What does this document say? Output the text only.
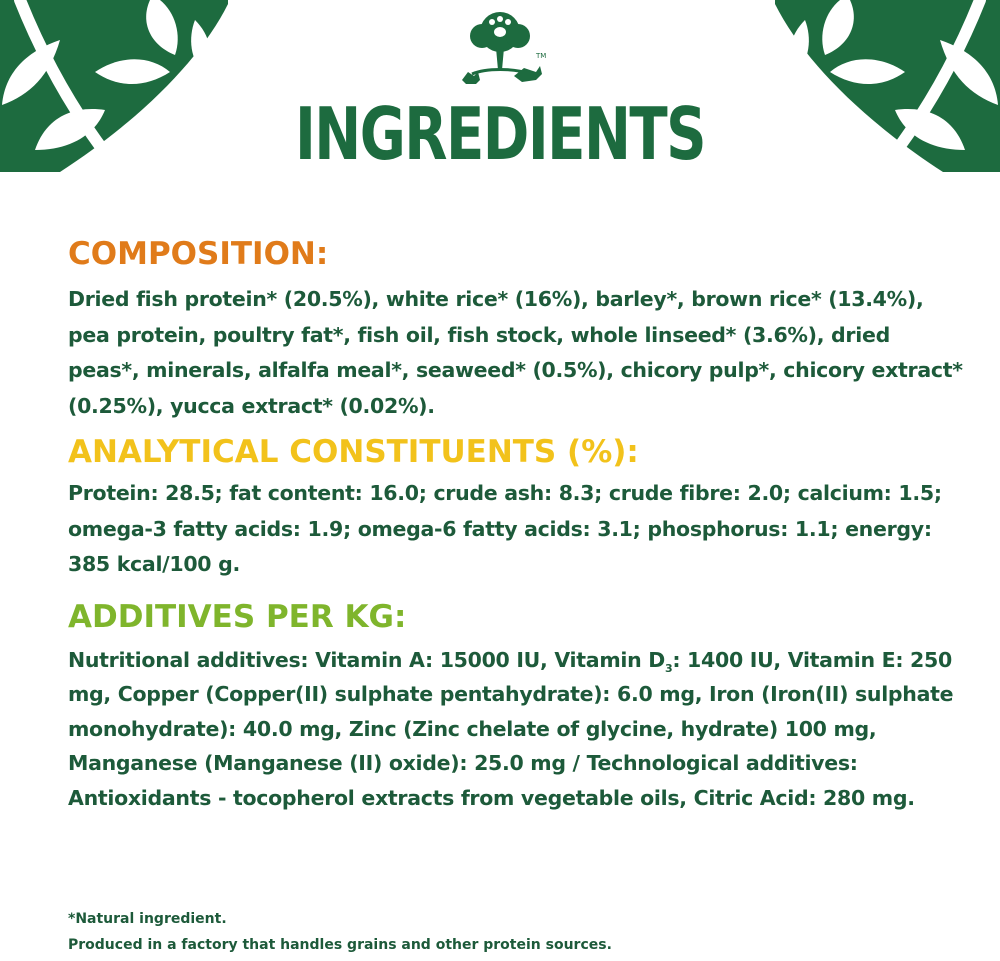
TM
INGREDIENTS
COMPOSITION:

Dried fish protein* (20.5%), white rice* (16%), barley*, brown rice* (13.4%), pea protein, poultry fat*, fish oil, fish stock, whole linseed* (3.6%), dried peas*, minerals, alfalfa meal*, seaweed* (0.5%), chicory pulp*, chicory extract* (0.25%), yucca extract* (0.02%).

ANALYTICAL CONSTITUENTS (%):

Protein: 28.5; fat content: 16.0; crude ash: 8.3; crude fibre: 2.0; calcium: 1.5; omega-3 fatty acids: 1.9; omega-6 fatty acids: 3.1; phosphorus: 1.1; energy: 385 kcal/100 g.

ADDITIVES PER KG:

Nutritional additives: Vitamin A: 15000 IU, Vitamin $D_3$: 1400 IU, Vitamin E: 250 mg, Copper (Copper(II) sulphate pentahydrate): 6.0 mg, Iron (Iron(II) sulphate monohydrate): 40.0 mg, Zinc (Zinc chelate of glycine, hydrate) 100 mg, Manganese (Manganese (II) oxide): 25.0 mg / Technological additives: Antioxidants - tocopherol extracts from vegetable oils, Citric Acid: 280 mg.

*Natural ingredient.
Produced in a factory that handles grains and other protein sources.
